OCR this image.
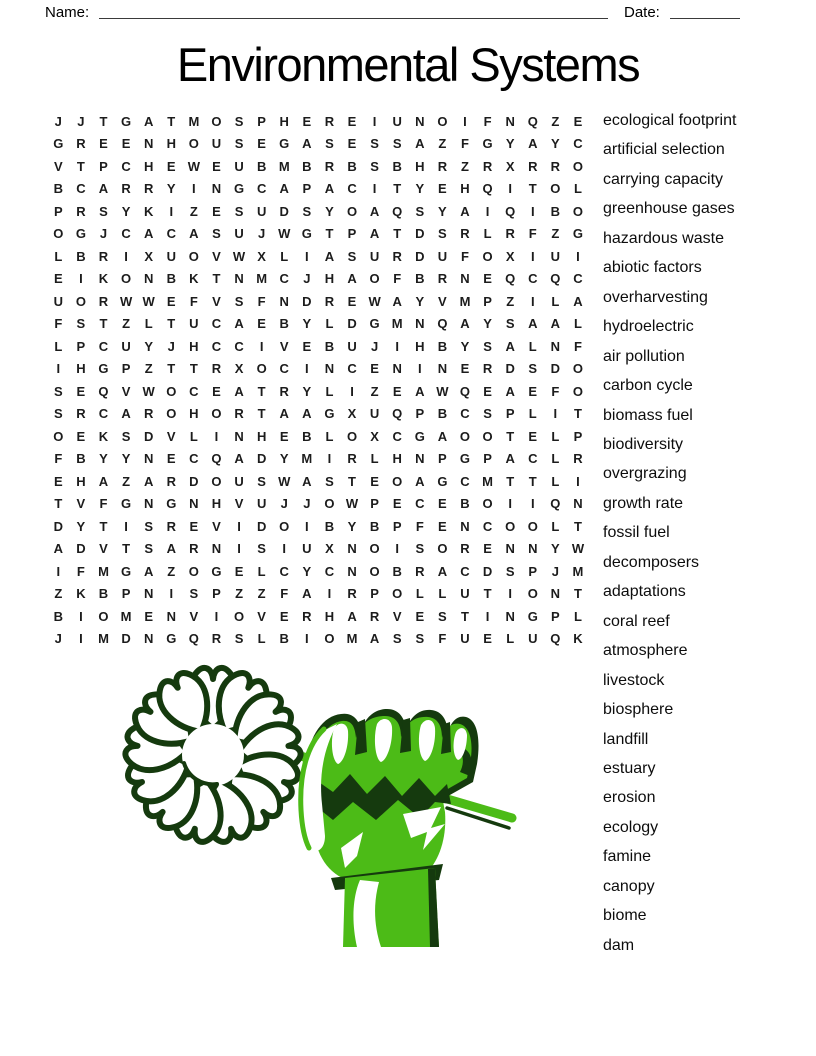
Name:	Date:
Environmental Systems
J	J	T	G A	T	M O	S	P	H	E	R	E	I	U	N O	I	F	N Q	Z	E
G R	E	E	N	H O U	S	E	G A	S	E	S	S	A	Z	F	G	Y	A	Y	C
V	T	P	C	H	E W E	U	B M B	R	B	S	B	H	R	Z	R	X	R	R O
B	C	A	R	R	Y	I	N G C	A	P	A	C	I	T	Y	E	H Q	I	T	O	L
P	R	S	Y	K	I	Z	E	S	U	D	S	Y	O A Q	S	Y	A	I	Q	I	B O
O G	J	C	A	C	A	S	U	J W G	T	P	A	T	D	S	R	L	R	F	Z	G
L	B	R	I	X	U O	V W X	L	I	A	S	U	R	D	U	F	O	X	I	U	I
E	I	K O N	B	K	T	N M C	J	H	A O	F	B	R	N	E	Q C Q C
U O R W W E	F	V	S	F	N	D	R	E W A	Y	V M P	Z	I	L	A
F	S	T	Z	L	T	U	C	A	E	B	Y	L	D G M N Q A	Y	S	A	A	L
L	P	C	U	Y	J	H	C	C	I	V	E	B	U	J	I	H	B	Y	S	A	L	N	F
I	H G	P	Z	T	T	R	X	O C	I	N	C	E	N	I	N	E	R	D	S	D O
S	E	Q	V W O C	E	A	T	R	Y	L	I	Z	E	A W Q	E	A	E	F	O
S	R	C	A	R O H O R	T	A	A G	X	U Q	P	B	C	S	P	L	I	T
O	E	K	S	D	V	L	I	N	H	E	B	L	O	X	C G A O O	T	E	L	P
F	B	Y	Y	N	E	C Q A	D	Y M	I	R	L	H	N	P	G	P	A	C	L	R
E	H	A	Z	A	R	D O U	S W A	S	T	E	O A G C M	T	T	L	I
T	V	F	G N G N	H	V	U	J	J	O W P	E	C	E	B O	I	I	Q N
D	Y	T	I	S	R	E	V	I	D O	I	B	Y	B	P	F	E	N	C O O	L	T
A	D	V	T	S	A	R	N	I	S	I	U	X	N O	I	S	O R	E	N	N	Y W
I	F	M G A	Z	O G	E	L	C	Y	C	N O B	R	A	C	D	S	P	J	M
Z	K	B	P	N	I	S	P	Z	Z	F	A	I	R	P	O	L	L	U	T	I	O N	T
B	I	O M E	N	V	I	O	V	E	R	H	A	R	V	E	S	T	I	N G	P	L
J	I	M D	N G Q R	S	L	B	I	O M A	S	S	F	U	E	L	U Q K
ecological footprint
artificial selection
carrying capacity
greenhouse gases
hazardous waste
abiotic factors
overharvesting
hydroelectric
air pollution
carbon cycle
biomass fuel
biodiversity
overgrazing
growth rate
fossil fuel
decomposers
adaptations
coral reef
atmosphere
livestock
biosphere
landfill
estuary
erosion
ecology
famine
canopy
biome
dam
